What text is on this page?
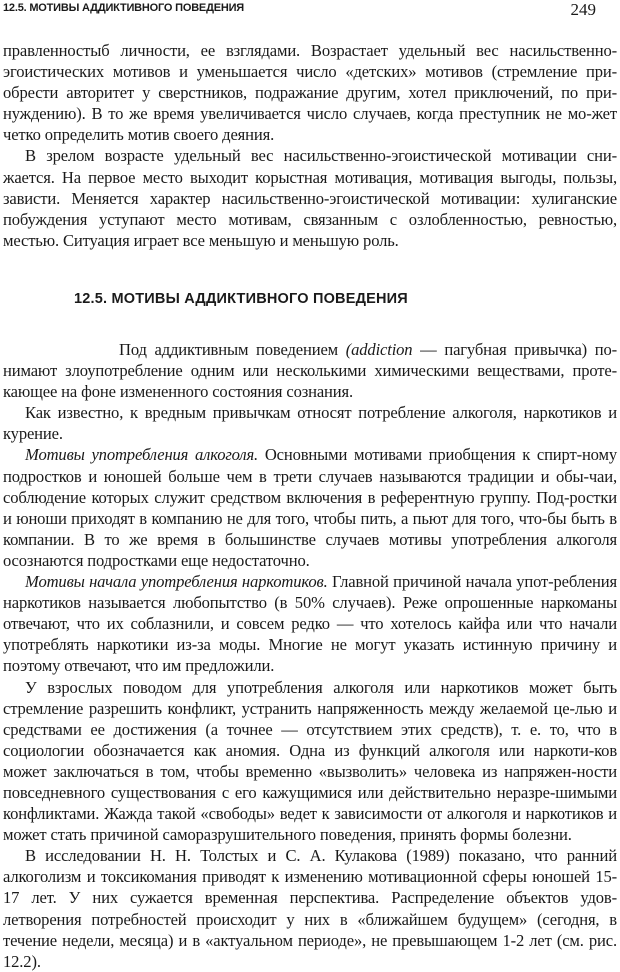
12.5. МОТИВЫ АДДИКТИВНОГО ПОВЕДЕНИЯ	249

правленностыб личности, ее взглядами. Возрастает удельный вес насильственно-эгоистических мотивов и уменьшается число «детских» мотивов (стремление при-обрести авторитет у сверстников, подражание другим, хотел приключений, по при-нуждению). В то же время увеличивается число случаев, когда преступник не мо-жет четко определить мотив своего деяния.

В зрелом возрасте удельный вес насильственно-эгоистической мотивации сни-жается. На первое место выходит корыстная мотивация, мотивация выгоды, пользы, зависти. Меняется характер насильственно-эгоистической мотивации: хулиганские побуждения уступают место мотивам, связанным с озлобленностью, ревностью, местью. Ситуация играет все меньшую и меньшую роль.

12.5. МОТИВЫ АДДИКТИВНОГО ПОВЕДЕНИЯ

Под аддиктивным поведением (addiction — пагубная привычка) по-нимают злоупотребление одним или несколькими химическими веществами, проте-кающее на фоне измененного состояния сознания.

Как известно, к вредным привычкам относят потребление алкоголя, наркотиков и курение.

Мотивы употребления алкоголя. Основными мотивами приобщения к спирт-ному подростков и юношей больше чем в трети случаев называются традиции и обы-чаи, соблюдение которых служит средством включения в референтную группу. Под-ростки и юноши приходят в компанию не для того, чтобы пить, а пьют для того, что-бы быть в компании. В то же время в большинстве случаев мотивы употребления алкоголя осознаются подростками еще недостаточно.

Мотивы начала употребления наркотиков. Главной причиной начала упот-ребления наркотиков называется любопытство (в 50% случаев). Реже опрошенные наркоманы отвечают, что их соблазнили, и совсем редко — что хотелось кайфа или что начали употреблять наркотики из-за моды. Многие не могут указать истинную причину и поэтому отвечают, что им предложили.

У взрослых поводом для употребления алкоголя или наркотиков может быть стремление разрешить конфликт, устранить напряженность между желаемой це-лью и средствами ее достижения (а точнее — отсутствием этих средств), т. е. то, что в социологии обозначается как аномия. Одна из функций алкоголя или наркоти-ков может заключаться в том, чтобы временно «вызволить» человека из напряжен-ности повседневного существования с его кажущимися или действительно неразре-шимыми конфликтами. Жажда такой «свободы» ведет к зависимости от алкоголя и наркотиков и может стать причиной саморазрушительного поведения, принять формы болезни.

В исследовании Н. Н. Толстых и С. А. Кулакова (1989) показано, что ранний алкоголизм и токсикомания приводят к изменению мотивационной сферы юношей 15-17 лет. У них сужается временная перспектива. Распределение объектов удов-летворения потребностей происходит у них в «ближайшем будущем» (сегодня, в течение недели, месяца) и в «актуальном периоде», не превышающем 1-2 лет (см. рис. 12.2).
